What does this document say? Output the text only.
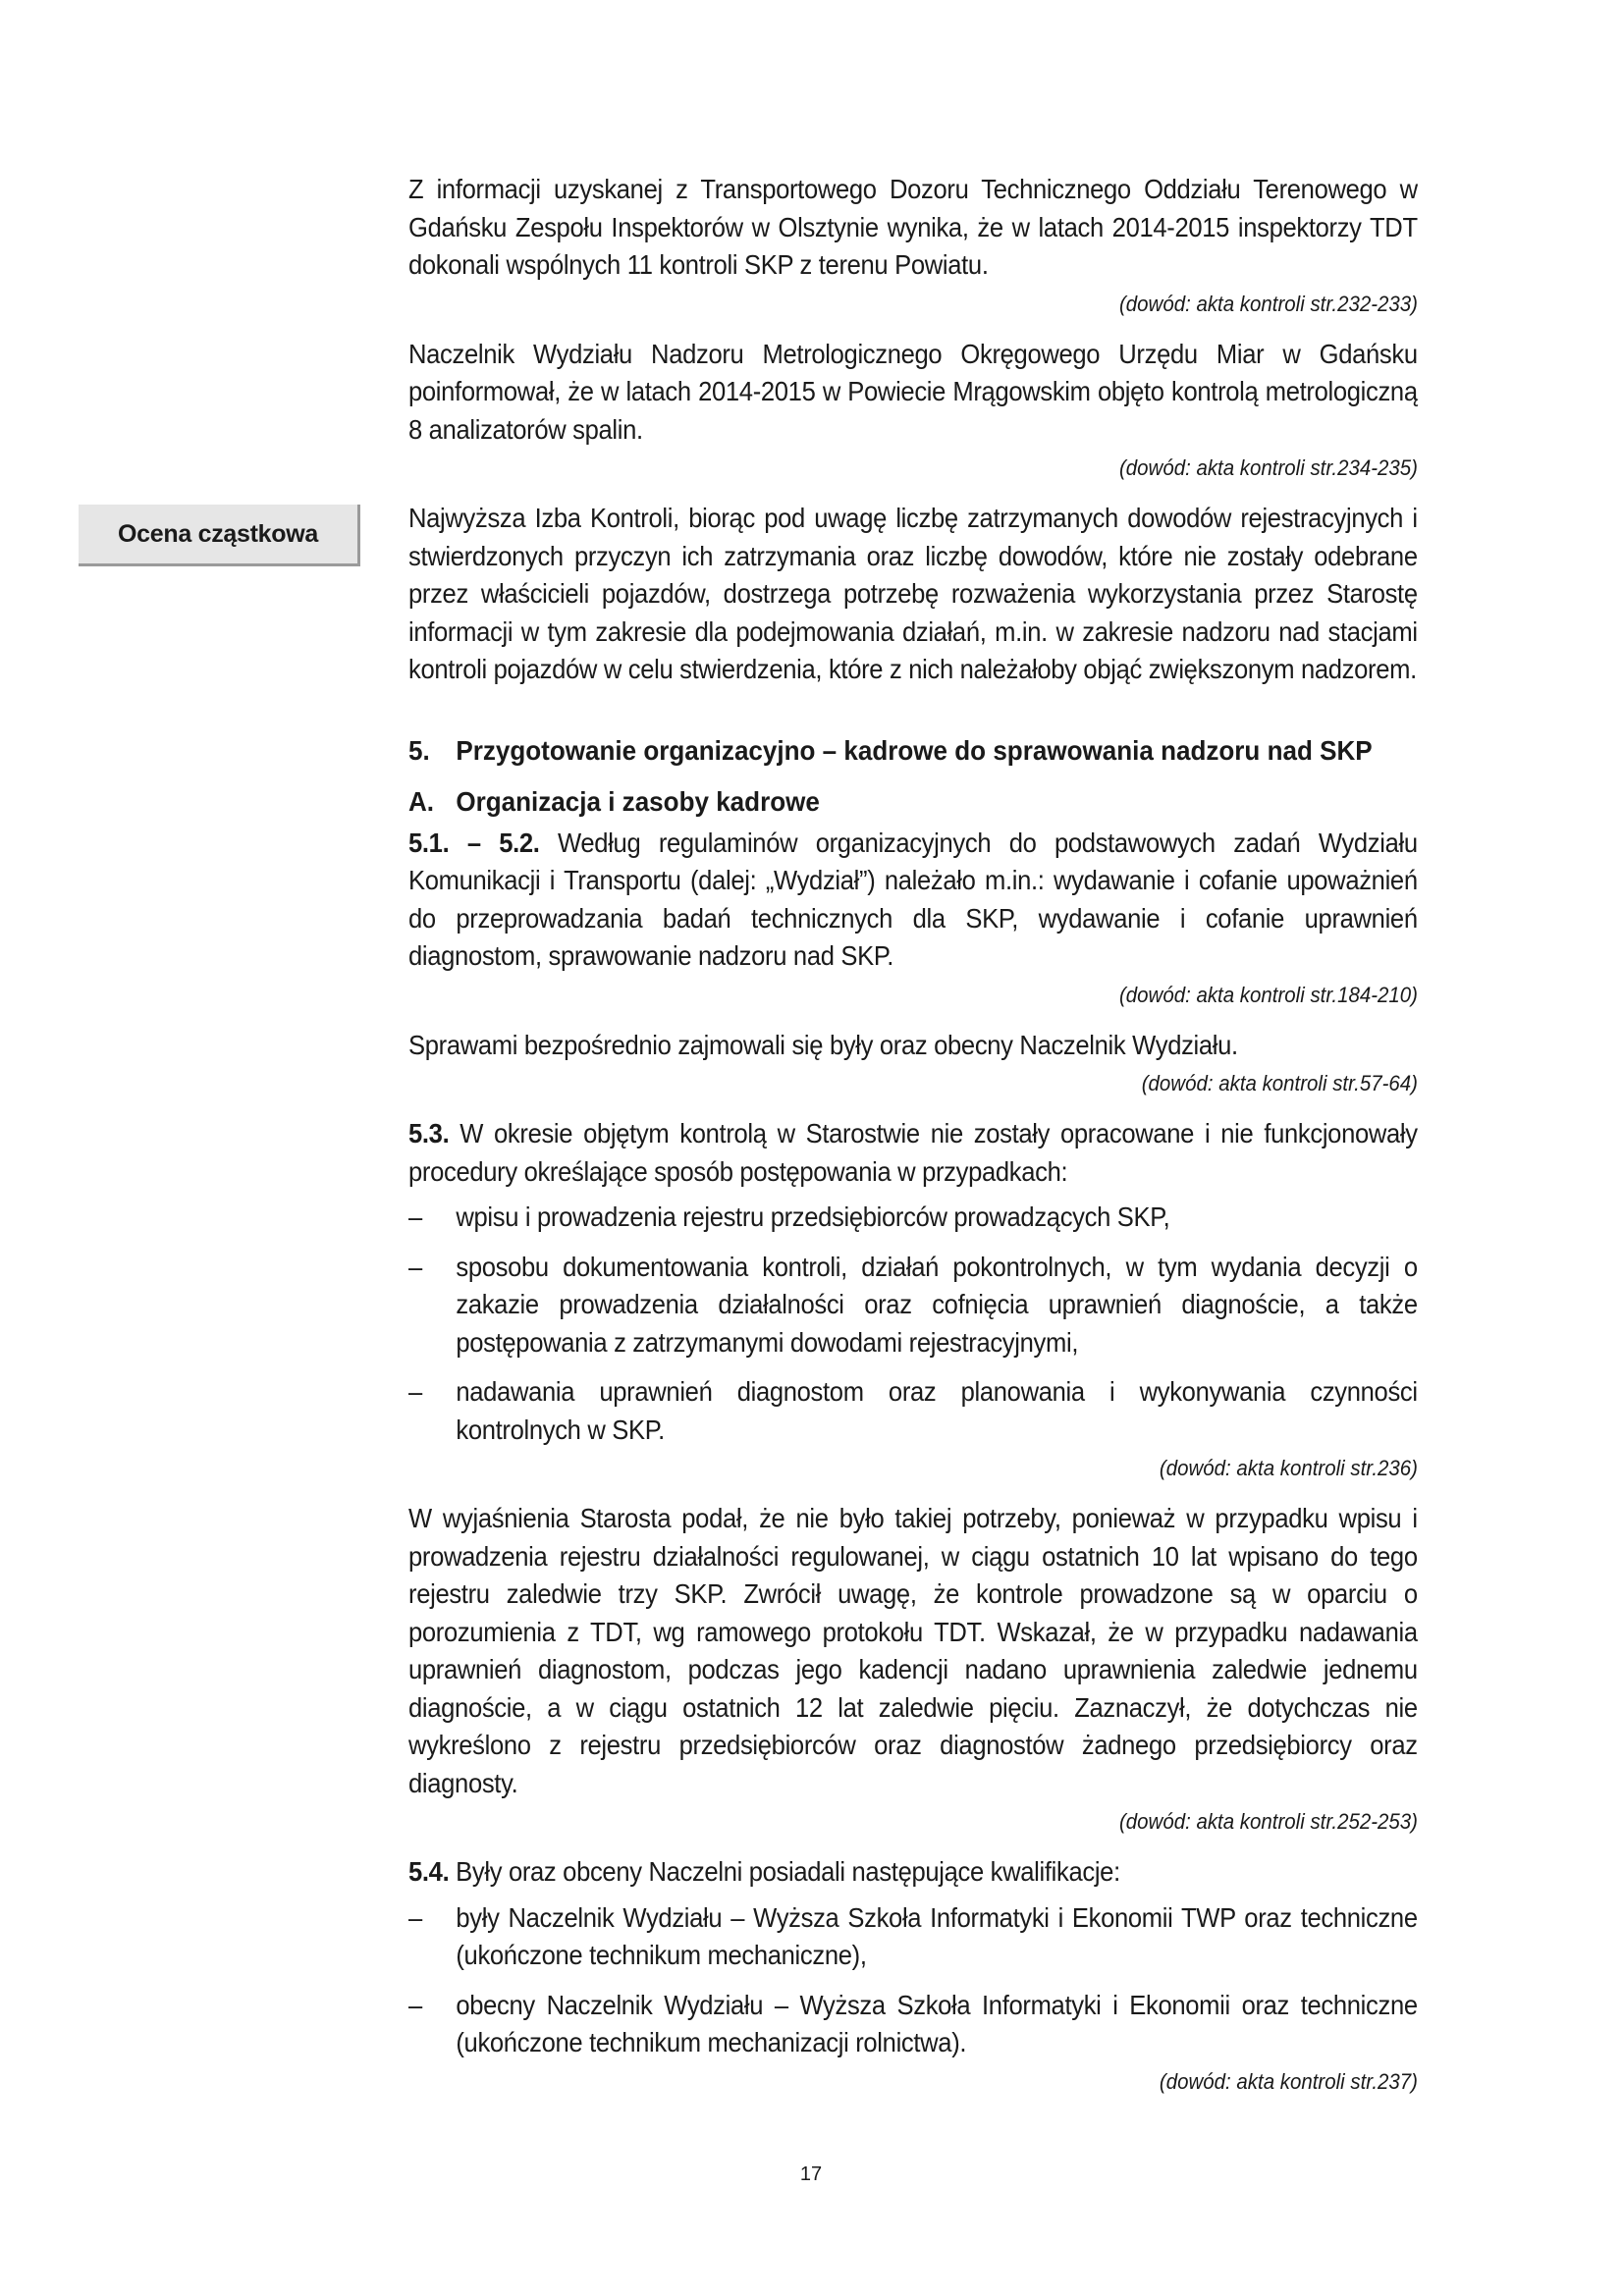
Ocena cząstkowa

Z informacji uzyskanej z Transportowego Dozoru Technicznego Oddziału Terenowego w Gdańsku Zespołu Inspektorów w Olsztynie wynika, że w latach 2014-2015 inspektorzy TDT dokonali wspólnych 11 kontroli SKP z terenu Powiatu.

(dowód: akta kontroli str.232-233)

Naczelnik Wydziału Nadzoru Metrologicznego Okręgowego Urzędu Miar w Gdańsku poinformował, że w latach 2014-2015 w Powiecie Mrągowskim objęto kontrolą metrologiczną 8 analizatorów spalin.

(dowód: akta kontroli str.234-235)

Najwyższa Izba Kontroli, biorąc pod uwagę liczbę zatrzymanych dowodów rejestracyjnych i stwierdzonych przyczyn ich zatrzymania oraz liczbę dowodów, które nie zostały odebrane przez właścicieli pojazdów, dostrzega potrzebę rozważenia wykorzystania przez Starostę informacji w tym zakresie dla podejmowania działań, m.in. w zakresie nadzoru nad stacjami kontroli pojazdów w celu stwierdzenia, które z nich należałoby objąć zwiększonym nadzorem.

5. Przygotowanie organizacyjno – kadrowe do sprawowania nadzoru nad SKP
A. Organizacja i zasoby kadrowe

5.1. – 5.2. Według regulaminów organizacyjnych do podstawowych zadań Wydziału Komunikacji i Transportu (dalej: „Wydział”) należało m.in.: wydawanie i cofanie upoważnień do przeprowadzania badań technicznych dla SKP, wydawanie i cofanie uprawnień diagnostom, sprawowanie nadzoru nad SKP.

(dowód: akta kontroli str.184-210)

Sprawami bezpośrednio zajmowali się były oraz obecny Naczelnik Wydziału.

(dowód: akta kontroli str.57-64)

5.3. W okresie objętym kontrolą w Starostwie nie zostały opracowane i nie funkcjonowały procedury określające sposób postępowania w przypadkach:

–	wpisu i prowadzenia rejestru przedsiębiorców prowadzących SKP,
–	sposobu dokumentowania kontroli, działań pokontrolnych, w tym wydania decyzji o zakazie prowadzenia działalności oraz cofnięcia uprawnień diagnoście, a także postępowania z zatrzymanymi dowodami rejestracyjnymi,
–	nadawania uprawnień diagnostom oraz planowania i wykonywania czynności kontrolnych w SKP.
(dowód: akta kontroli str.236)

W wyjaśnienia Starosta podał, że nie było takiej potrzeby, ponieważ w przypadku wpisu i prowadzenia rejestru działalności regulowanej, w ciągu ostatnich 10 lat wpisano do tego rejestru zaledwie trzy SKP. Zwrócił uwagę, że kontrole prowadzone są w oparciu o porozumienia z TDT, wg ramowego protokołu TDT. Wskazał, że w przypadku nadawania uprawnień diagnostom, podczas jego kadencji nadano uprawnienia zaledwie jednemu diagnoście, a w ciągu ostatnich 12 lat zaledwie pięciu. Zaznaczył, że dotychczas nie wykreślono z rejestru przedsiębiorców oraz diagnostów żadnego przedsiębiorcy oraz diagnosty.

(dowód: akta kontroli str.252-253)

5.4. Były oraz obceny Naczelni posiadali następujące kwalifikacje:

–	były Naczelnik Wydziału – Wyższa Szkoła Informatyki i Ekonomii TWP oraz techniczne (ukończone technikum mechaniczne),
–	obecny Naczelnik Wydziału – Wyższa Szkoła Informatyki i Ekonomii oraz techniczne (ukończone technikum mechanizacji rolnictwa).
(dowód: akta kontroli str.237)
17
